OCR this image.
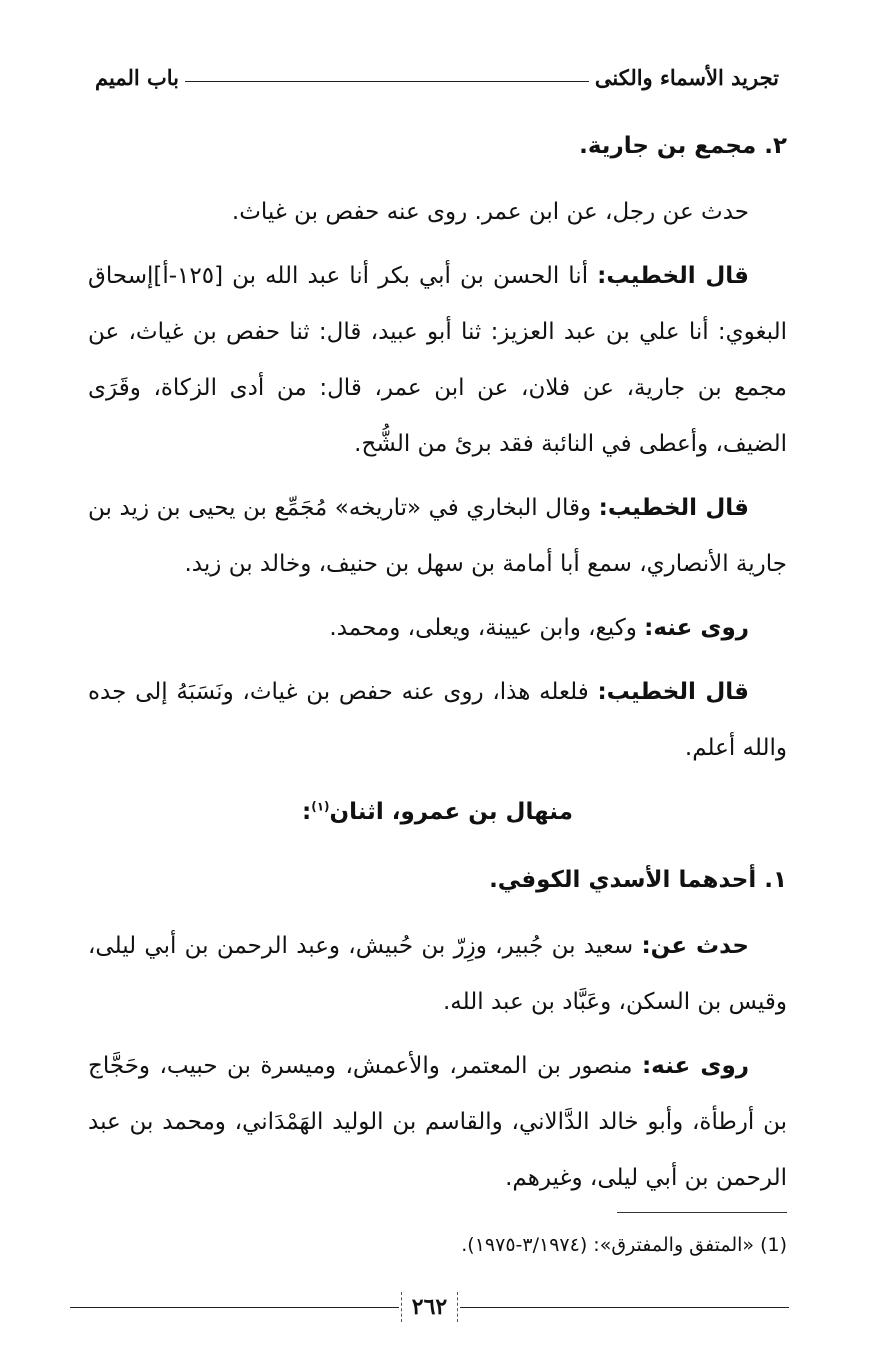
تجريد الأسماء والكنى
باب الميم

٢. مجمع بن جارية.

حدث عن رجل، عن ابن عمر. روى عنه حفص بن غياث.

قال الخطيب: أنا الحسن بن أبي بكر أنا عبد الله بن [١٢٥-أ]إسحاق البغوي: أنا علي بن عبد العزيز: ثنا أبو عبيد، قال: ثنا حفص بن غياث، عن مجمع بن جارية، عن فلان، عن ابن عمر، قال: من أدى الزكاة، وقَرَى الضيف، وأعطى في النائبة فقد برئ من الشُّح.

قال الخطيب: وقال البخاري في «تاريخه» مُجَمِّع بن يحيى بن زيد بن جارية الأنصاري، سمع أبا أمامة بن سهل بن حنيف، وخالد بن زيد.

روى عنه: وكيع، وابن عيينة، ويعلى، ومحمد.

قال الخطيب: فلعله هذا، روى عنه حفص بن غياث، ونَسَبَهُ إلى جده والله أعلم.

منهال بن عمرو، اثنان$^{(١)}$:

١. أحدهما الأسدي الكوفي.

حدث عن: سعيد بن جُبير، وزِرّ بن حُبيش، وعبد الرحمن بن أبي ليلى، وقيس بن السكن، وعَبَّاد بن عبد الله.

روى عنه: منصور بن المعتمر، والأعمش، وميسرة بن حبيب، وحَجَّاج بن أرطأة، وأبو خالد الدَّالاني، والقاسم بن الوليد الهَمْدَاني، ومحمد بن عبد الرحمن بن أبي ليلى، وغيرهم.

(1) «المتفق والمفترق»: (٣/١٩٧٤-١٩٧٥).
٢٦٢
